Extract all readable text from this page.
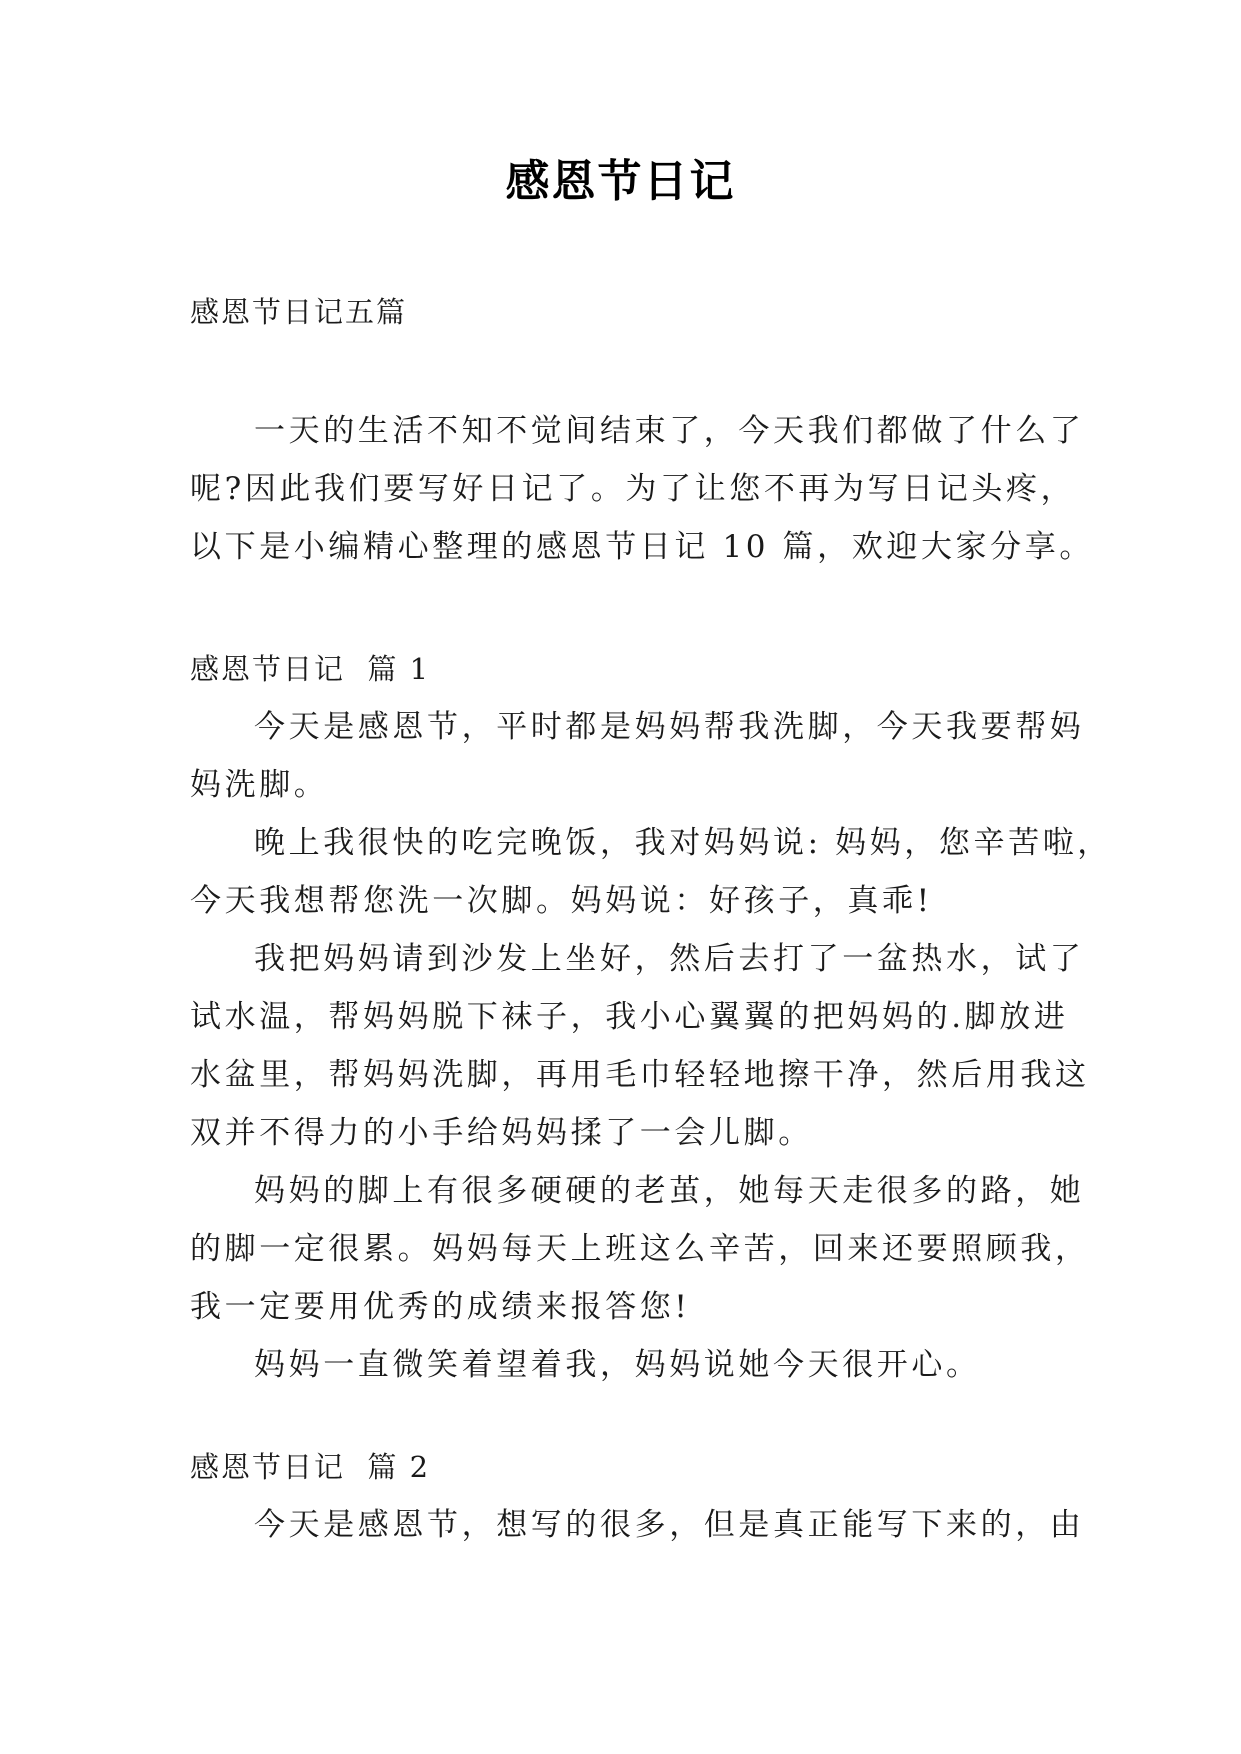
感恩节日记
感恩节日记五篇

一天的生活不知不觉间结束了，今天我们都做了什么了
呢?因此我们要写好日记了。为了让您不再为写日记头疼，
以下是小编精心整理的感恩节日记 10 篇，欢迎大家分享。

感恩节日记  篇 1

今天是感恩节，平时都是妈妈帮我洗脚，今天我要帮妈
妈洗脚。

晚上我很快的吃完晚饭，我对妈妈说: 妈妈，您辛苦啦，
今天我想帮您洗一次脚。妈妈说：好孩子，真乖!

我把妈妈请到沙发上坐好，然后去打了一盆热水，试了
试水温，帮妈妈脱下袜子，我小心翼翼的把妈妈的.脚放进
水盆里，帮妈妈洗脚，再用毛巾轻轻地擦干净，然后用我这
双并不得力的小手给妈妈揉了一会儿脚。

妈妈的脚上有很多硬硬的老茧，她每天走很多的路，她
的脚一定很累。妈妈每天上班这么辛苦，回来还要照顾我，
我一定要用优秀的成绩来报答您!

妈妈一直微笑着望着我，妈妈说她今天很开心。

感恩节日记  篇 2

今天是感恩节，想写的很多，但是真正能写下来的，由
